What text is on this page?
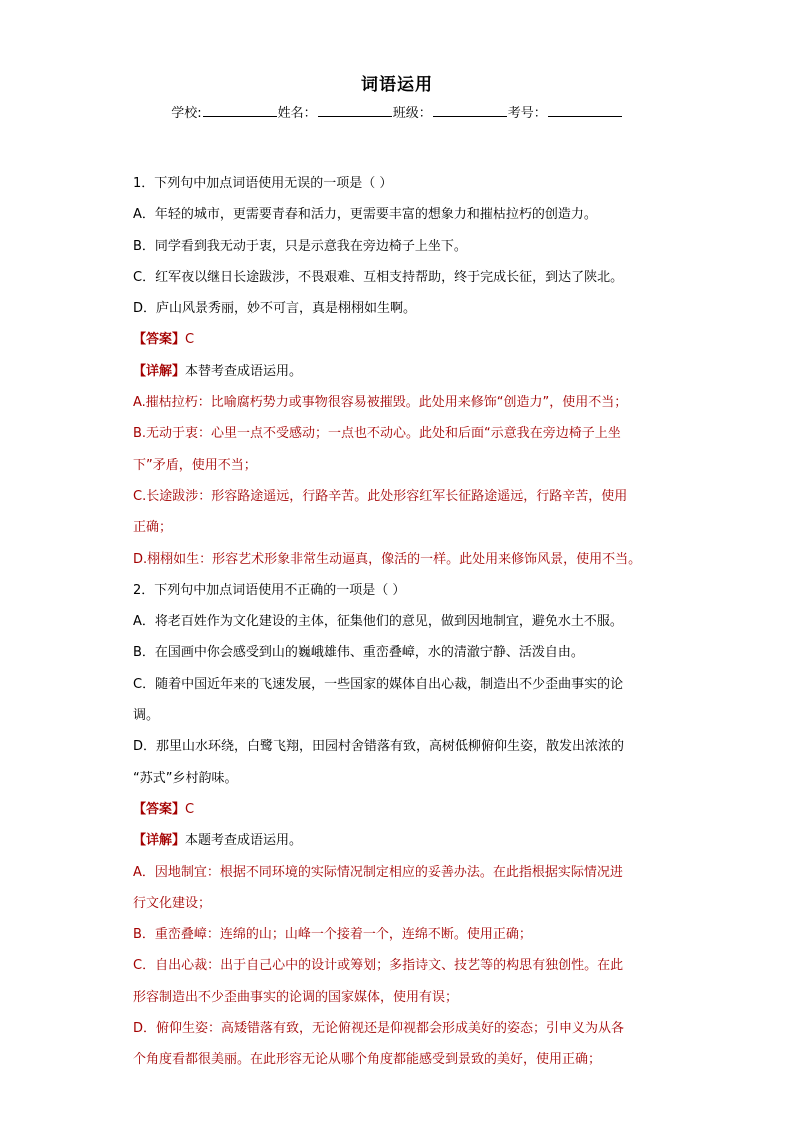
词语运用
学校:	姓名：	班级：	考号：
1．下列句中加点词语使用无误的一项是（ ）
A．年轻的城市，更需要青春和活力，更需要丰富的想象力和摧枯拉朽的创造力。
B．同学看到我无动于衷，只是示意我在旁边椅子上坐下。
C．红军夜以继日长途跋涉，不畏艰难、互相支持帮助，终于完成长征，到达了陕北。
D．庐山风景秀丽，妙不可言，真是栩栩如生啊。
【答案】C
【详解】本替考查成语运用。
A.摧枯拉朽：比喻腐朽势力或事物很容易被摧毁。此处用来修饰“创造力”，使用不当；
B.无动于衷：心里一点不受感动；一点也不动心。此处和后面“示意我在旁边椅子上坐
下”矛盾，使用不当；
C.长途跋涉：形容路途遥远，行路辛苦。此处形容红军长征路途遥远，行路辛苦，使用
正确；
D.栩栩如生：形容艺术形象非常生动逼真，像活的一样。此处用来修饰风景，使用不当。
2．下列句中加点词语使用不正确的一项是（ ）
A．将老百姓作为文化建设的主体，征集他们的意见，做到因地制宜，避免水土不服。
B．在国画中你会感受到山的巍峨雄伟、重峦叠嶂，水的清澈宁静、活泼自由。
C．随着中国近年来的飞速发展，一些国家的媒体自出心裁，制造出不少歪曲事实的论
调。
D．那里山水环绕，白鹭飞翔，田园村舍错落有致，高树低柳俯仰生姿，散发出浓浓的
“苏式”乡村韵味。
【答案】C
【详解】本题考查成语运用。
A．因地制宜：根据不同环境的实际情况制定相应的妥善办法。在此指根据实际情况进
行文化建设；
B．重峦叠嶂：连绵的山；山峰一个接着一个，连绵不断。使用正确；
C．自出心裁：出于自己心中的设计或筹划；多指诗文、技艺等的构思有独创性。在此
形容制造出不少歪曲事实的论调的国家媒体，使用有误；
D．俯仰生姿：高矮错落有致，无论俯视还是仰视都会形成美好的姿态；引申义为从各
个角度看都很美丽。在此形容无论从哪个角度都能感受到景致的美好，使用正确；
